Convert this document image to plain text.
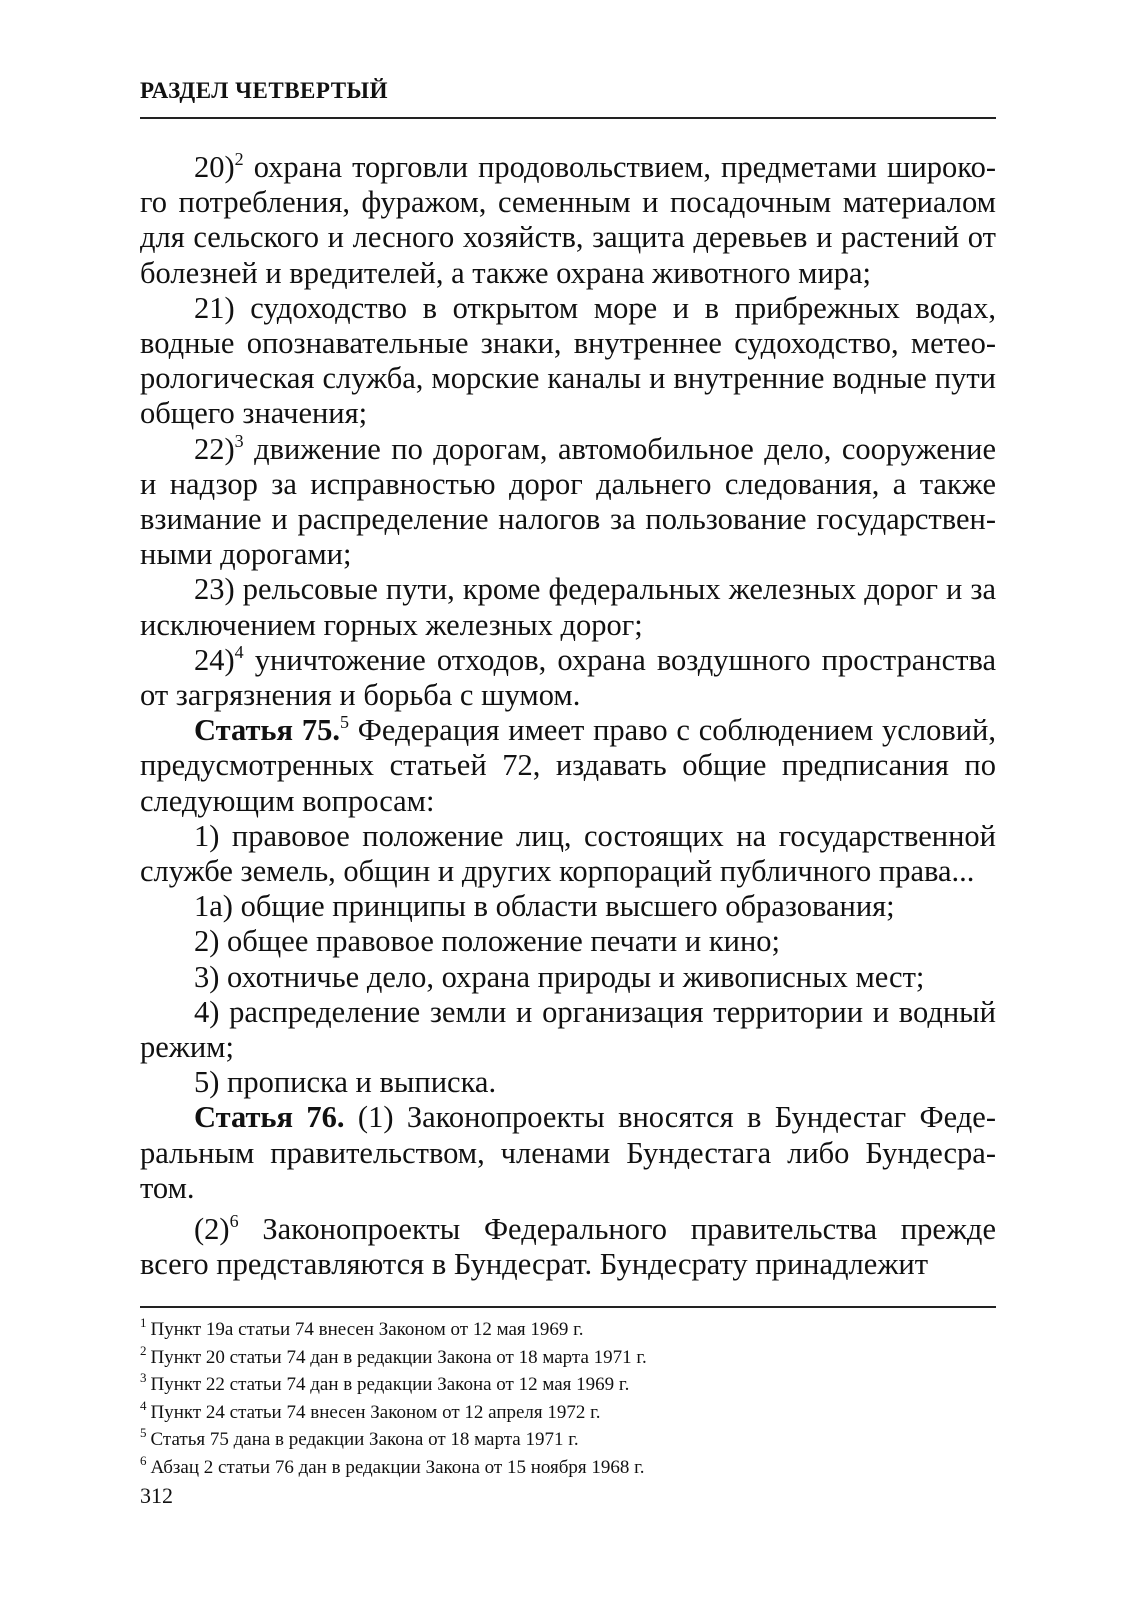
РАЗДЕЛ ЧЕТВЕРТЫЙ

20)$^2$ охрана торговли продовольствием, предметами широкого потребления, фуражом, семенным и посадочным материалом для сельского и лесного хозяйств, защита деревьев и растений от болезней и вредителей, а также охрана животного мира;

21) судоходство в открытом море и в прибрежных водах, водные опознавательные знаки, внутреннее судоходство, метеорологическая служба, морские каналы и внутренние водные пути общего значения;

22)$^3$ движение по дорогам, автомобильное дело, сооружение и надзор за исправностью дорог дальнего следования, а также взимание и распределение налогов за пользование государственными дорогами;

23) рельсовые пути, кроме федеральных железных дорог и за исключением горных железных дорог;

24)$^4$ уничтожение отходов, охрана воздушного пространства от загрязнения и борьба с шумом.

Статья 75.$^5$ Федерация имеет право с соблюдением условий, предусмотренных статьей 72, издавать общие предписания по следующим вопросам:

1) правовое положение лиц, состоящих на государственной службе земель, общин и других корпораций публичного права...

1а) общие принципы в области высшего образования;

2) общее правовое положение печати и кино;

3) охотничье дело, охрана природы и живописных мест;

4) распределение земли и организация территории и водный режим;

5) прописка и выписка.

Статья 76. (1) Законопроекты вносятся в Бундестаг Федеральным правительством, членами Бундестага либо Бундесратом.

$(2)^6$ Законопроекты Федерального правительства прежде всего представляются в Бундесрат. Бундесрату принадлежит

$^1$ Пункт 19а статьи 74 внесен Законом от 12 мая 1969 г.
$^2$ Пункт 20 статьи 74 дан в редакции Закона от 18 марта 1971 г.
$^3$ Пункт 22 статьи 74 дан в редакции Закона от 12 мая 1969 г.
$^4$ Пункт 24 статьи 74 внесен Законом от 12 апреля 1972 г.
$^5$ Статья 75 дана в редакции Закона от 18 марта 1971 г.
$^6$ Абзац 2 статьи 76 дан в редакции Закона от 15 ноября 1968 г.
312
